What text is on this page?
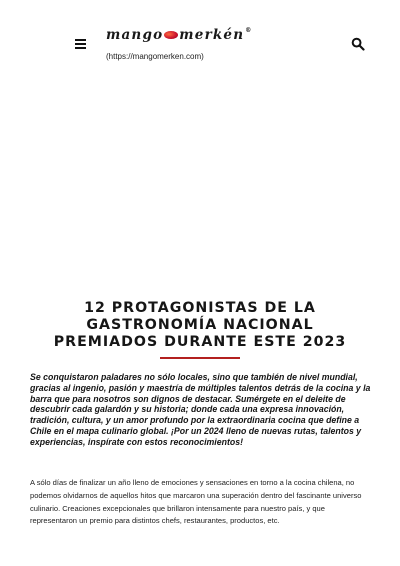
mango merkén®
(https://mangomerken.com)
12 PROTAGONISTAS DE LA GASTRONOMÍA NACIONAL PREMIADOS DURANTE ESTE 2023

Se conquistaron paladares no sólo locales, sino que también de nivel mundial, gracias al ingenio, pasión y maestría de múltiples talentos detrás de la cocina y la barra que para nosotros son dignos de destacar. Sumérgete en el deleite de descubrir cada galardón y su historia; donde cada una expresa innovación, tradición, cultura, y un amor profundo por la extraordinaria cocina que define a Chile en el mapa culinario global. ¡Por un 2024 lleno de nuevas rutas, talentos y experiencias, inspírate con estos reconocimientos!

A sólo días de finalizar un año lleno de emociones y sensaciones en torno a la cocina chilena, no podemos olvidarnos de aquellos hitos que marcaron una superación dentro del fascinante universo culinario. Creaciones excepcionales que brillaron intensamente para nuestro país, y que representaron un premio para distintos chefs, restaurantes, productos, etc.
